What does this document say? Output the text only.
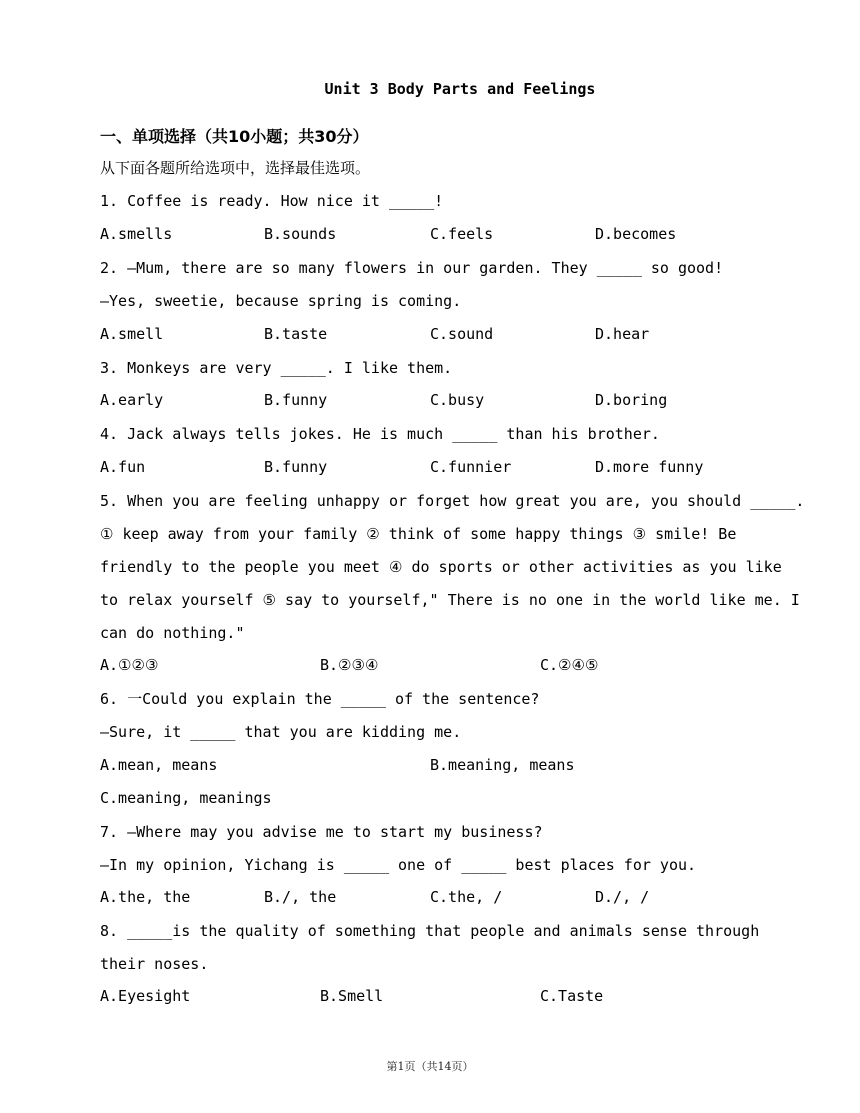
Unit 3 Body Parts and Feelings
一、单项选择（共10小题；共30分）
从下面各题所给选项中，选择最佳选项。
1. Coffee is ready. How nice it _____!
A.smells	B.sounds	C.feels	D.becomes
2. —Mum, there are so many flowers in our garden. They _____ so good!
—Yes, sweetie, because spring is coming.
A.smell	B.taste	C.sound	D.hear
3. Monkeys are very _____. I like them.
A.early	B.funny	C.busy	D.boring
4. Jack always tells jokes. He is much _____ than his brother.
A.fun	B.funny	C.funnier	D.more funny
5. When you are feeling unhappy or forget how great you are, you should _____.
① keep away from your family ② think of some happy things ③ smile! Be
friendly to the people you meet ④ do sports or other activities as you like
to relax yourself ⑤ say to yourself," There is no one in the world like me. I
can do nothing."
A.①②③	B.②③④	C.②④⑤
6. 一Could you explain the _____ of the sentence?
—Sure, it _____ that you are kidding me.
A.mean, means	B.meaning, means
C.meaning, meanings
7. —Where may you advise me to start my business?
—In my opinion, Yichang is _____ one of _____ best places for you.
A.the, the	B./, the	C.the, /	D./, /
8. _____is the quality of something that people and animals sense through
their noses.
A.Eyesight	B.Smell	C.Taste
第1页（共14页）
